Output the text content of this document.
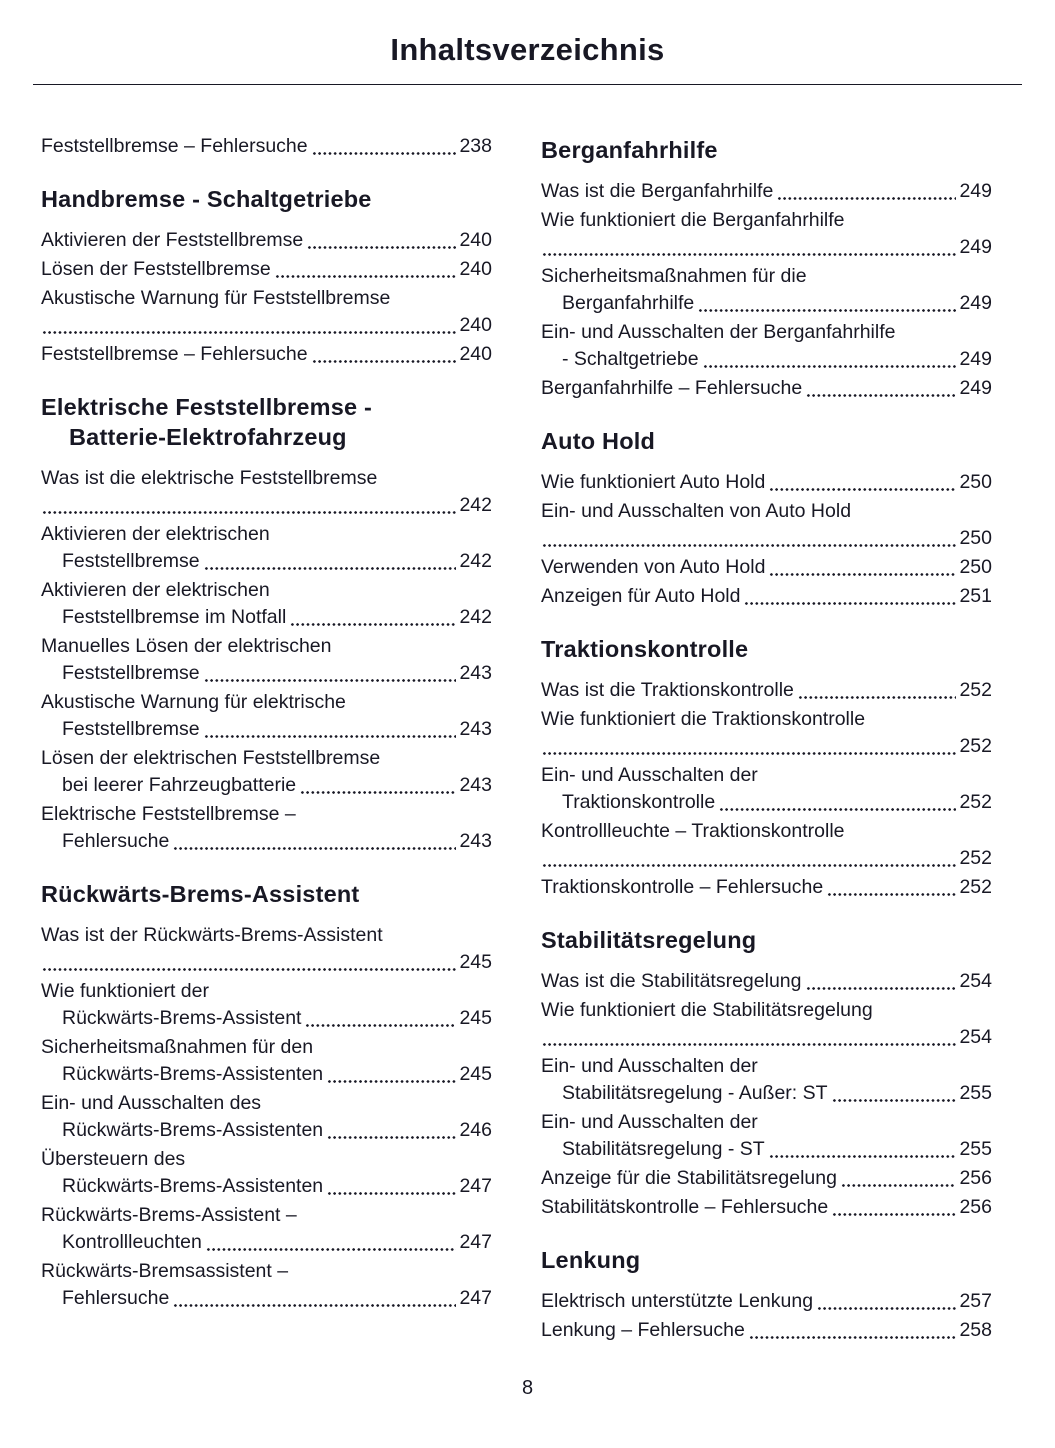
Inhaltsverzeichnis
Feststellbremse – Fehlersuche	238
Handbremse - Schaltgetriebe
Aktivieren der Feststellbremse	240
Lösen der Feststellbremse	240
Akustische Warnung für Feststellbremse
240
Feststellbremse – Fehlersuche	240
Elektrische Feststellbremse -
Batterie-Elektrofahrzeug
Was ist die elektrische Feststellbremse
242
Aktivieren der elektrischen
Feststellbremse	242
Aktivieren der elektrischen
Feststellbremse im Notfall	242
Manuelles Lösen der elektrischen
Feststellbremse	243
Akustische Warnung für elektrische
Feststellbremse	243
Lösen der elektrischen Feststellbremse
bei leerer Fahrzeugbatterie	243
Elektrische Feststellbremse –
Fehlersuche	243
Rückwärts-Brems-Assistent
Was ist der Rückwärts-Brems-Assistent
245
Wie funktioniert der
Rückwärts-Brems-Assistent	245
Sicherheitsmaßnahmen für den
Rückwärts-Brems-Assistenten	245
Ein- und Ausschalten des
Rückwärts-Brems-Assistenten	246
Übersteuern des
Rückwärts-Brems-Assistenten	247
Rückwärts-Brems-Assistent –
Kontrollleuchten	247
Rückwärts-Bremsassistent –
Fehlersuche	247
Berganfahrhilfe
Was ist die Berganfahrhilfe	249
Wie funktioniert die Berganfahrhilfe
249
Sicherheitsmaßnahmen für die
Berganfahrhilfe	249
Ein- und Ausschalten der Berganfahrhilfe
- Schaltgetriebe	249
Berganfahrhilfe – Fehlersuche	249
Auto Hold
Wie funktioniert Auto Hold	250
Ein- und Ausschalten von Auto Hold
250
Verwenden von Auto Hold	250
Anzeigen für Auto Hold	251
Traktionskontrolle
Was ist die Traktionskontrolle	252
Wie funktioniert die Traktionskontrolle
252
Ein- und Ausschalten der
Traktionskontrolle	252
Kontrollleuchte – Traktionskontrolle
252
Traktionskontrolle – Fehlersuche	252
Stabilitätsregelung
Was ist die Stabilitätsregelung	254
Wie funktioniert die Stabilitätsregelung
254
Ein- und Ausschalten der
Stabilitätsregelung - Außer: ST	255
Ein- und Ausschalten der
Stabilitätsregelung - ST	255
Anzeige für die Stabilitätsregelung	256
Stabilitätskontrolle – Fehlersuche	256
Lenkung
Elektrisch unterstützte Lenkung	257
Lenkung – Fehlersuche	258
8
